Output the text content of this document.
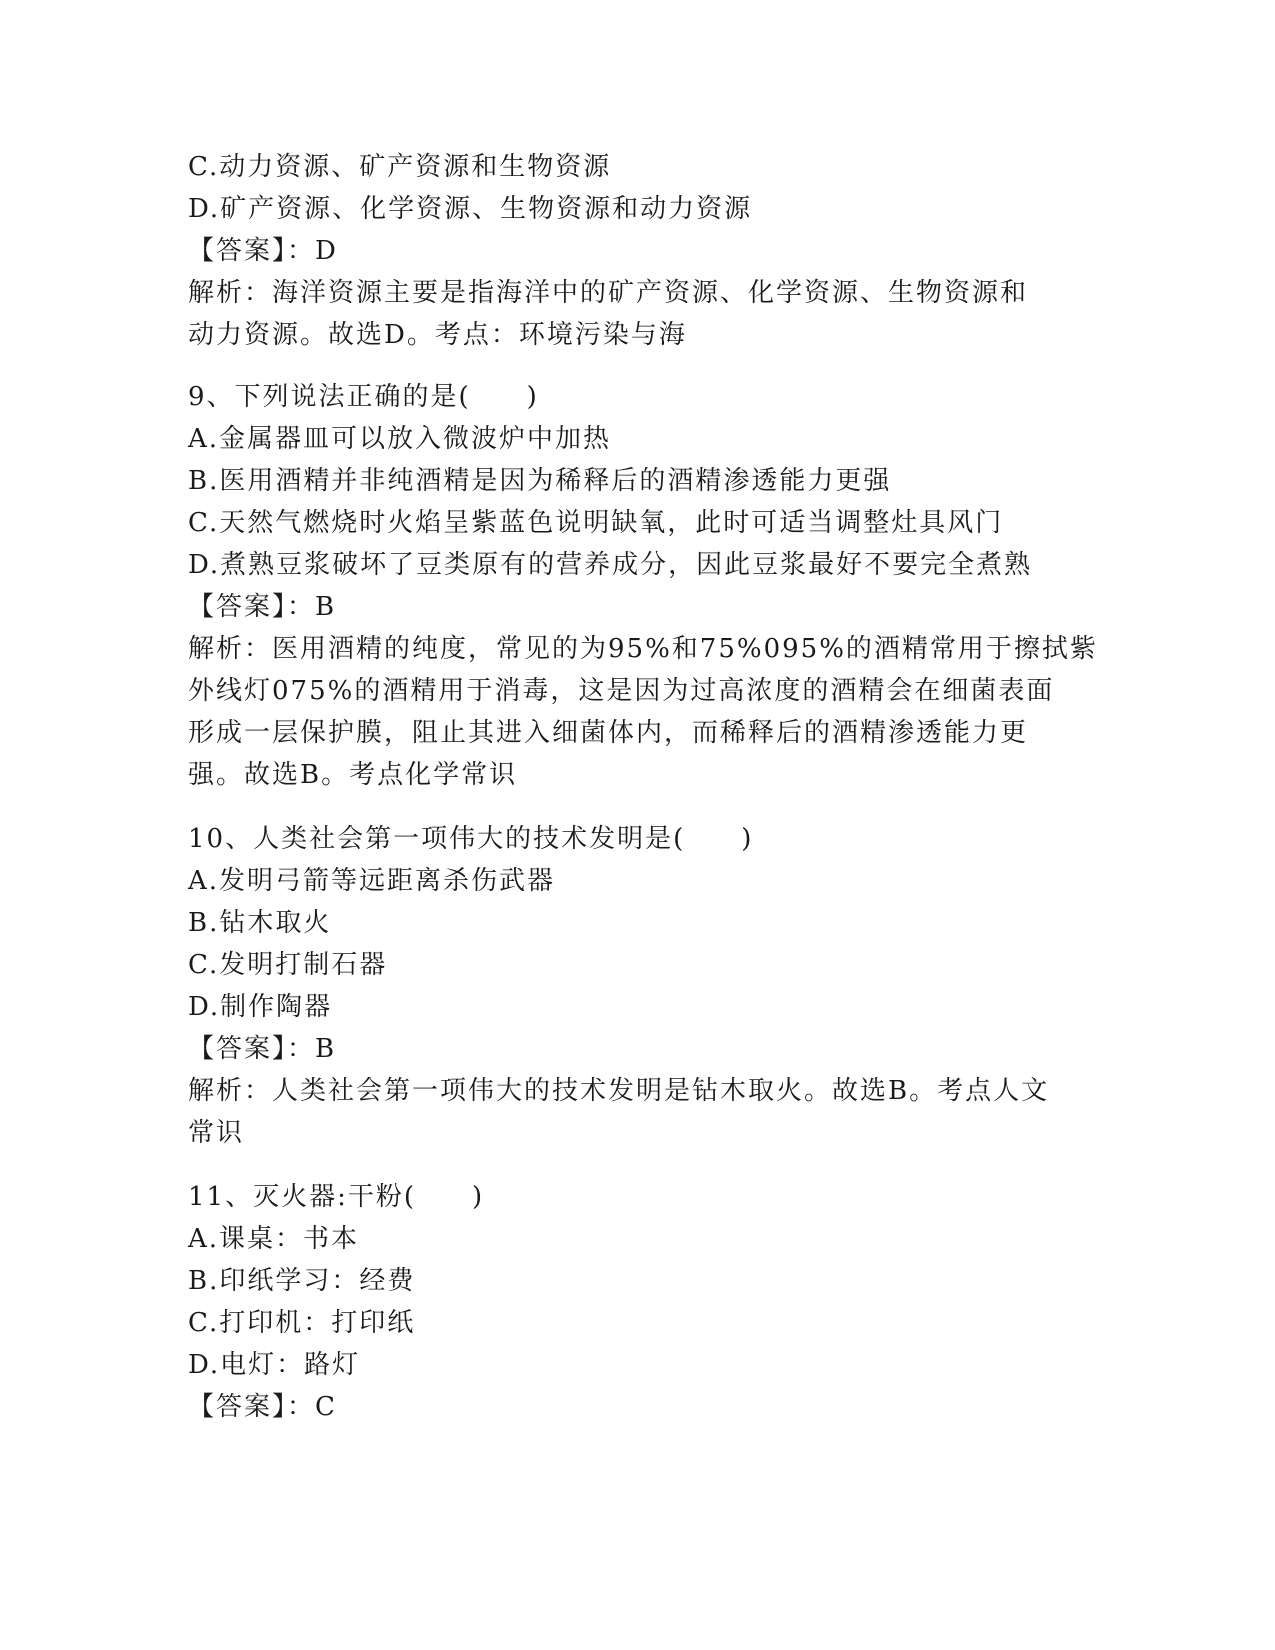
C.动力资源、矿产资源和生物资源
D.矿产资源、化学资源、生物资源和动力资源
【答案】：D
解析：海洋资源主要是指海洋中的矿产资源、化学资源、生物资源和
动力资源。故选D。考点：环境污染与海
9、下列说法正确的是(　　)
A.金属器皿可以放入微波炉中加热
B.医用酒精并非纯酒精是因为稀释后的酒精渗透能力更强
C.天然气燃烧时火焰呈紫蓝色说明缺氧，此时可适当调整灶具风门
D.煮熟豆浆破坏了豆类原有的营养成分，因此豆浆最好不要完全煮熟
【答案】：B
解析：医用酒精的纯度，常见的为95%和75%095%的酒精常用于擦拭紫
外线灯075%的酒精用于消毒，这是因为过高浓度的酒精会在细菌表面
形成一层保护膜，阻止其进入细菌体内，而稀释后的酒精渗透能力更
强。故选B。考点化学常识
10、人类社会第一项伟大的技术发明是(　　)
A.发明弓箭等远距离杀伤武器
B.钻木取火
C.发明打制石器
D.制作陶器
【答案】：B
解析：人类社会第一项伟大的技术发明是钻木取火。故选B。考点人文
常识
11、灭火器:干粉(　　)
A.课桌：书本
B.印纸学习：经费
C.打印机：打印纸
D.电灯：路灯
【答案】：C
